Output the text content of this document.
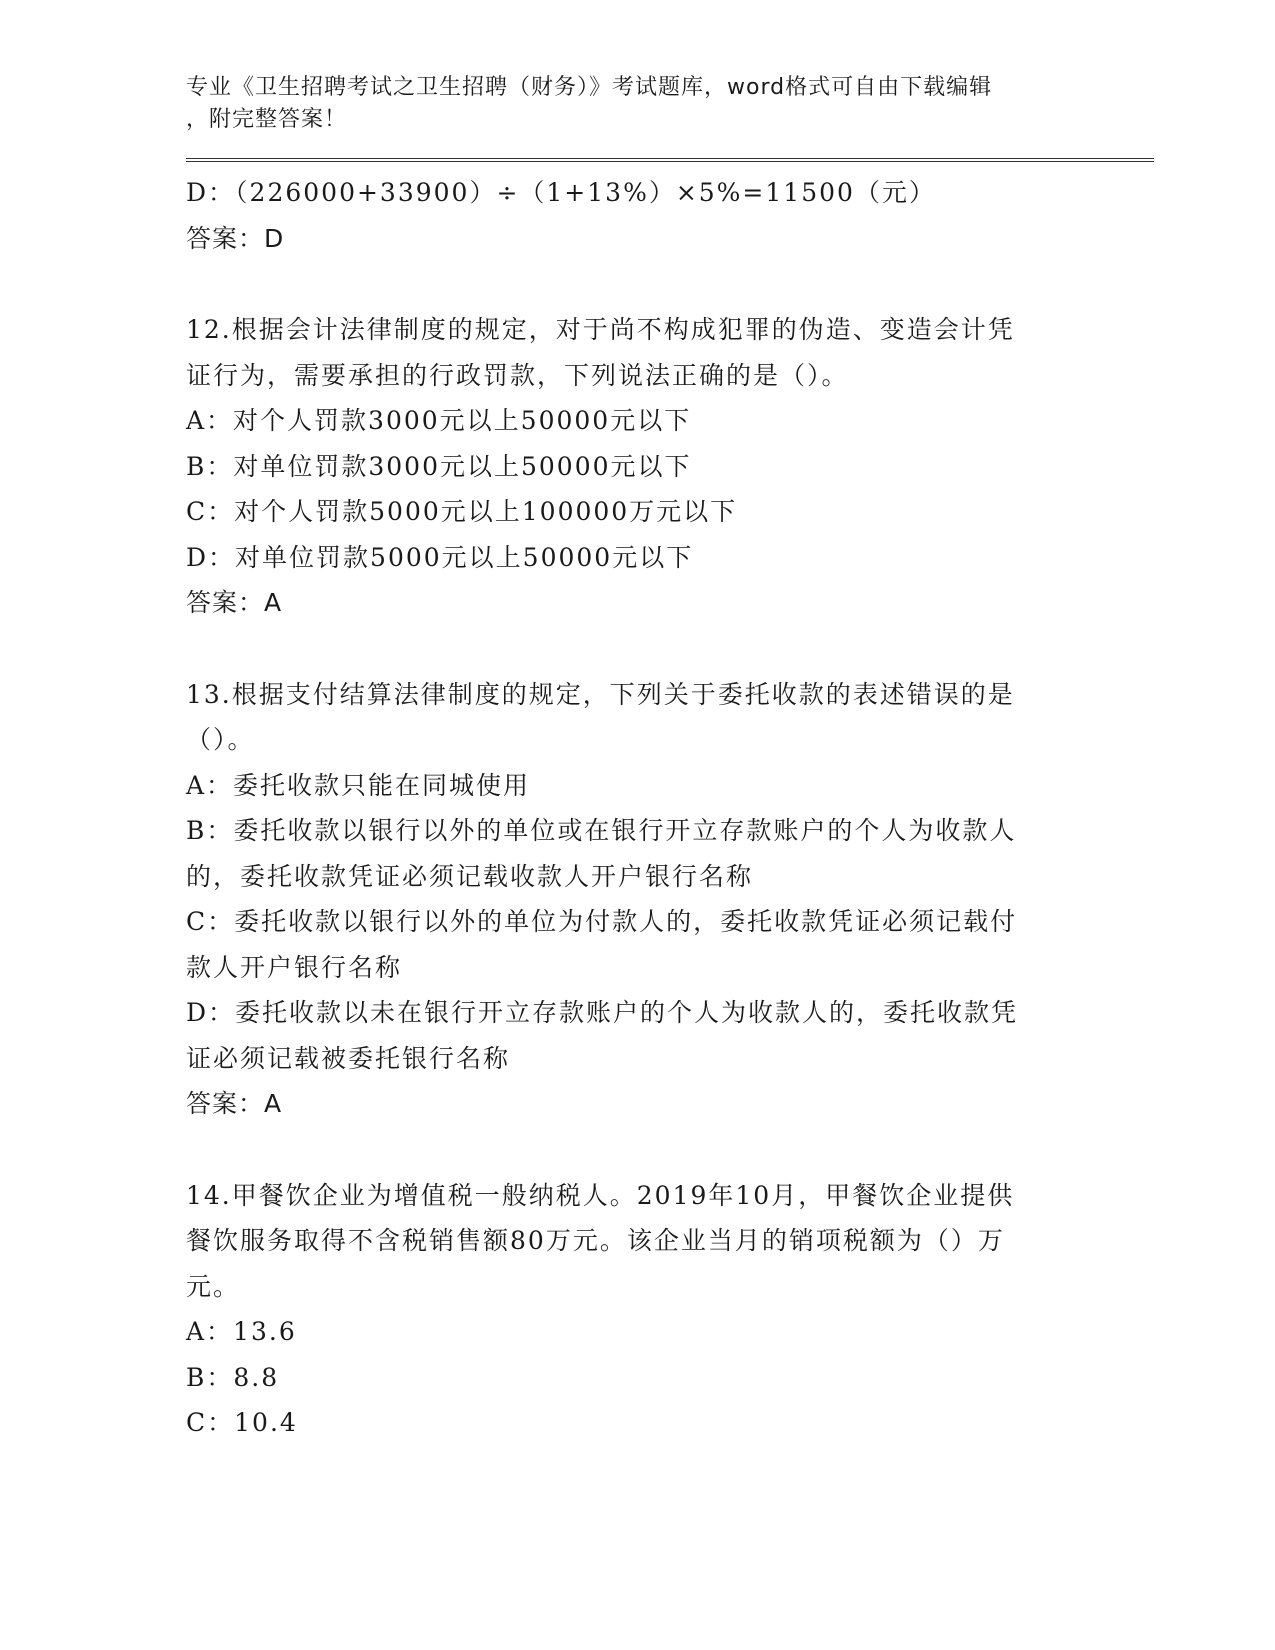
专业《卫生招聘考试之卫生招聘（财务）》考试题库，word格式可自由下载编辑
，附完整答案！
D：（226000+33900）÷（1+13%）×5%=11500（元）
答案：D
12.根据会计法律制度的规定，对于尚不构成犯罪的伪造、变造会计凭
证行为，需要承担的行政罚款，下列说法正确的是（）。
A：对个人罚款3000元以上50000元以下
B：对单位罚款3000元以上50000元以下
C：对个人罚款5000元以上100000万元以下
D：对单位罚款5000元以上50000元以下
答案：A
13.根据支付结算法律制度的规定，下列关于委托收款的表述错误的是
（）。
A：委托收款只能在同城使用
B：委托收款以银行以外的单位或在银行开立存款账户的个人为收款人
的，委托收款凭证必须记载收款人开户银行名称
C：委托收款以银行以外的单位为付款人的，委托收款凭证必须记载付
款人开户银行名称
D：委托收款以未在银行开立存款账户的个人为收款人的，委托收款凭
证必须记载被委托银行名称
答案：A
14.甲餐饮企业为增值税一般纳税人。2019年10月，甲餐饮企业提供
餐饮服务取得不含税销售额80万元。该企业当月的销项税额为（）万
元。
A：13.6
B：8.8
C：10.4
